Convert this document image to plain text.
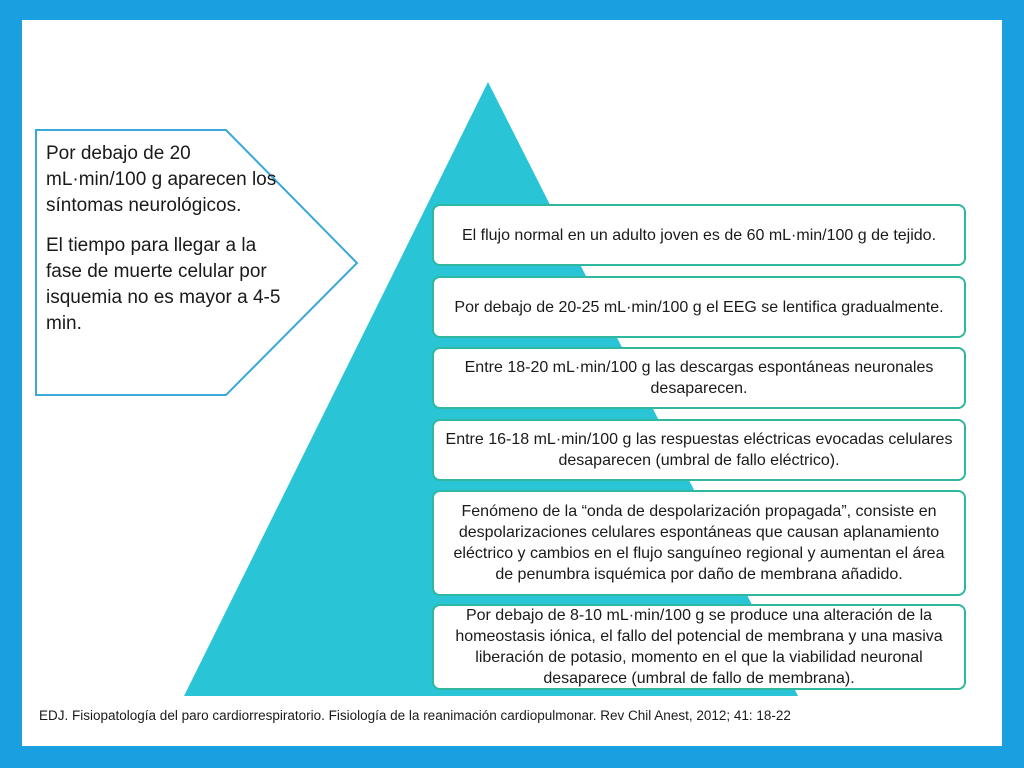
Por debajo de 20 mL·min/100 g aparecen los síntomas neurológicos.

El tiempo para llegar a la fase de muerte celular por isquemia no es mayor a 4-5 min.

El flujo normal en un adulto joven es de 60 mL·min/100 g de tejido.
Por debajo de 20-25 mL·min/100 g el EEG se lentifica gradualmente.
Entre 18-20 mL·min/100 g las descargas espontáneas neuronales desaparecen.
Entre 16-18 mL·min/100 g las respuestas eléctricas evocadas celulares desaparecen (umbral de fallo eléctrico).
Fenómeno de la “onda de despolarización propagada”, consiste en despolarizaciones celulares espontáneas que causan aplanamiento eléctrico y cambios en el flujo sanguíneo regional y aumentan el área de penumbra isquémica por daño de membrana añadido.
Por debajo de 8-10 mL·min/100 g se produce una alteración de la homeostasis iónica, el fallo del potencial de membrana y una masiva liberación de potasio, momento en el que la viabilidad neuronal desaparece (umbral de fallo de membrana).
EDJ. Fisiopatología del paro cardiorrespiratorio. Fisiología de la reanimación cardiopulmonar. Rev Chil Anest, 2012; 41: 18-22
